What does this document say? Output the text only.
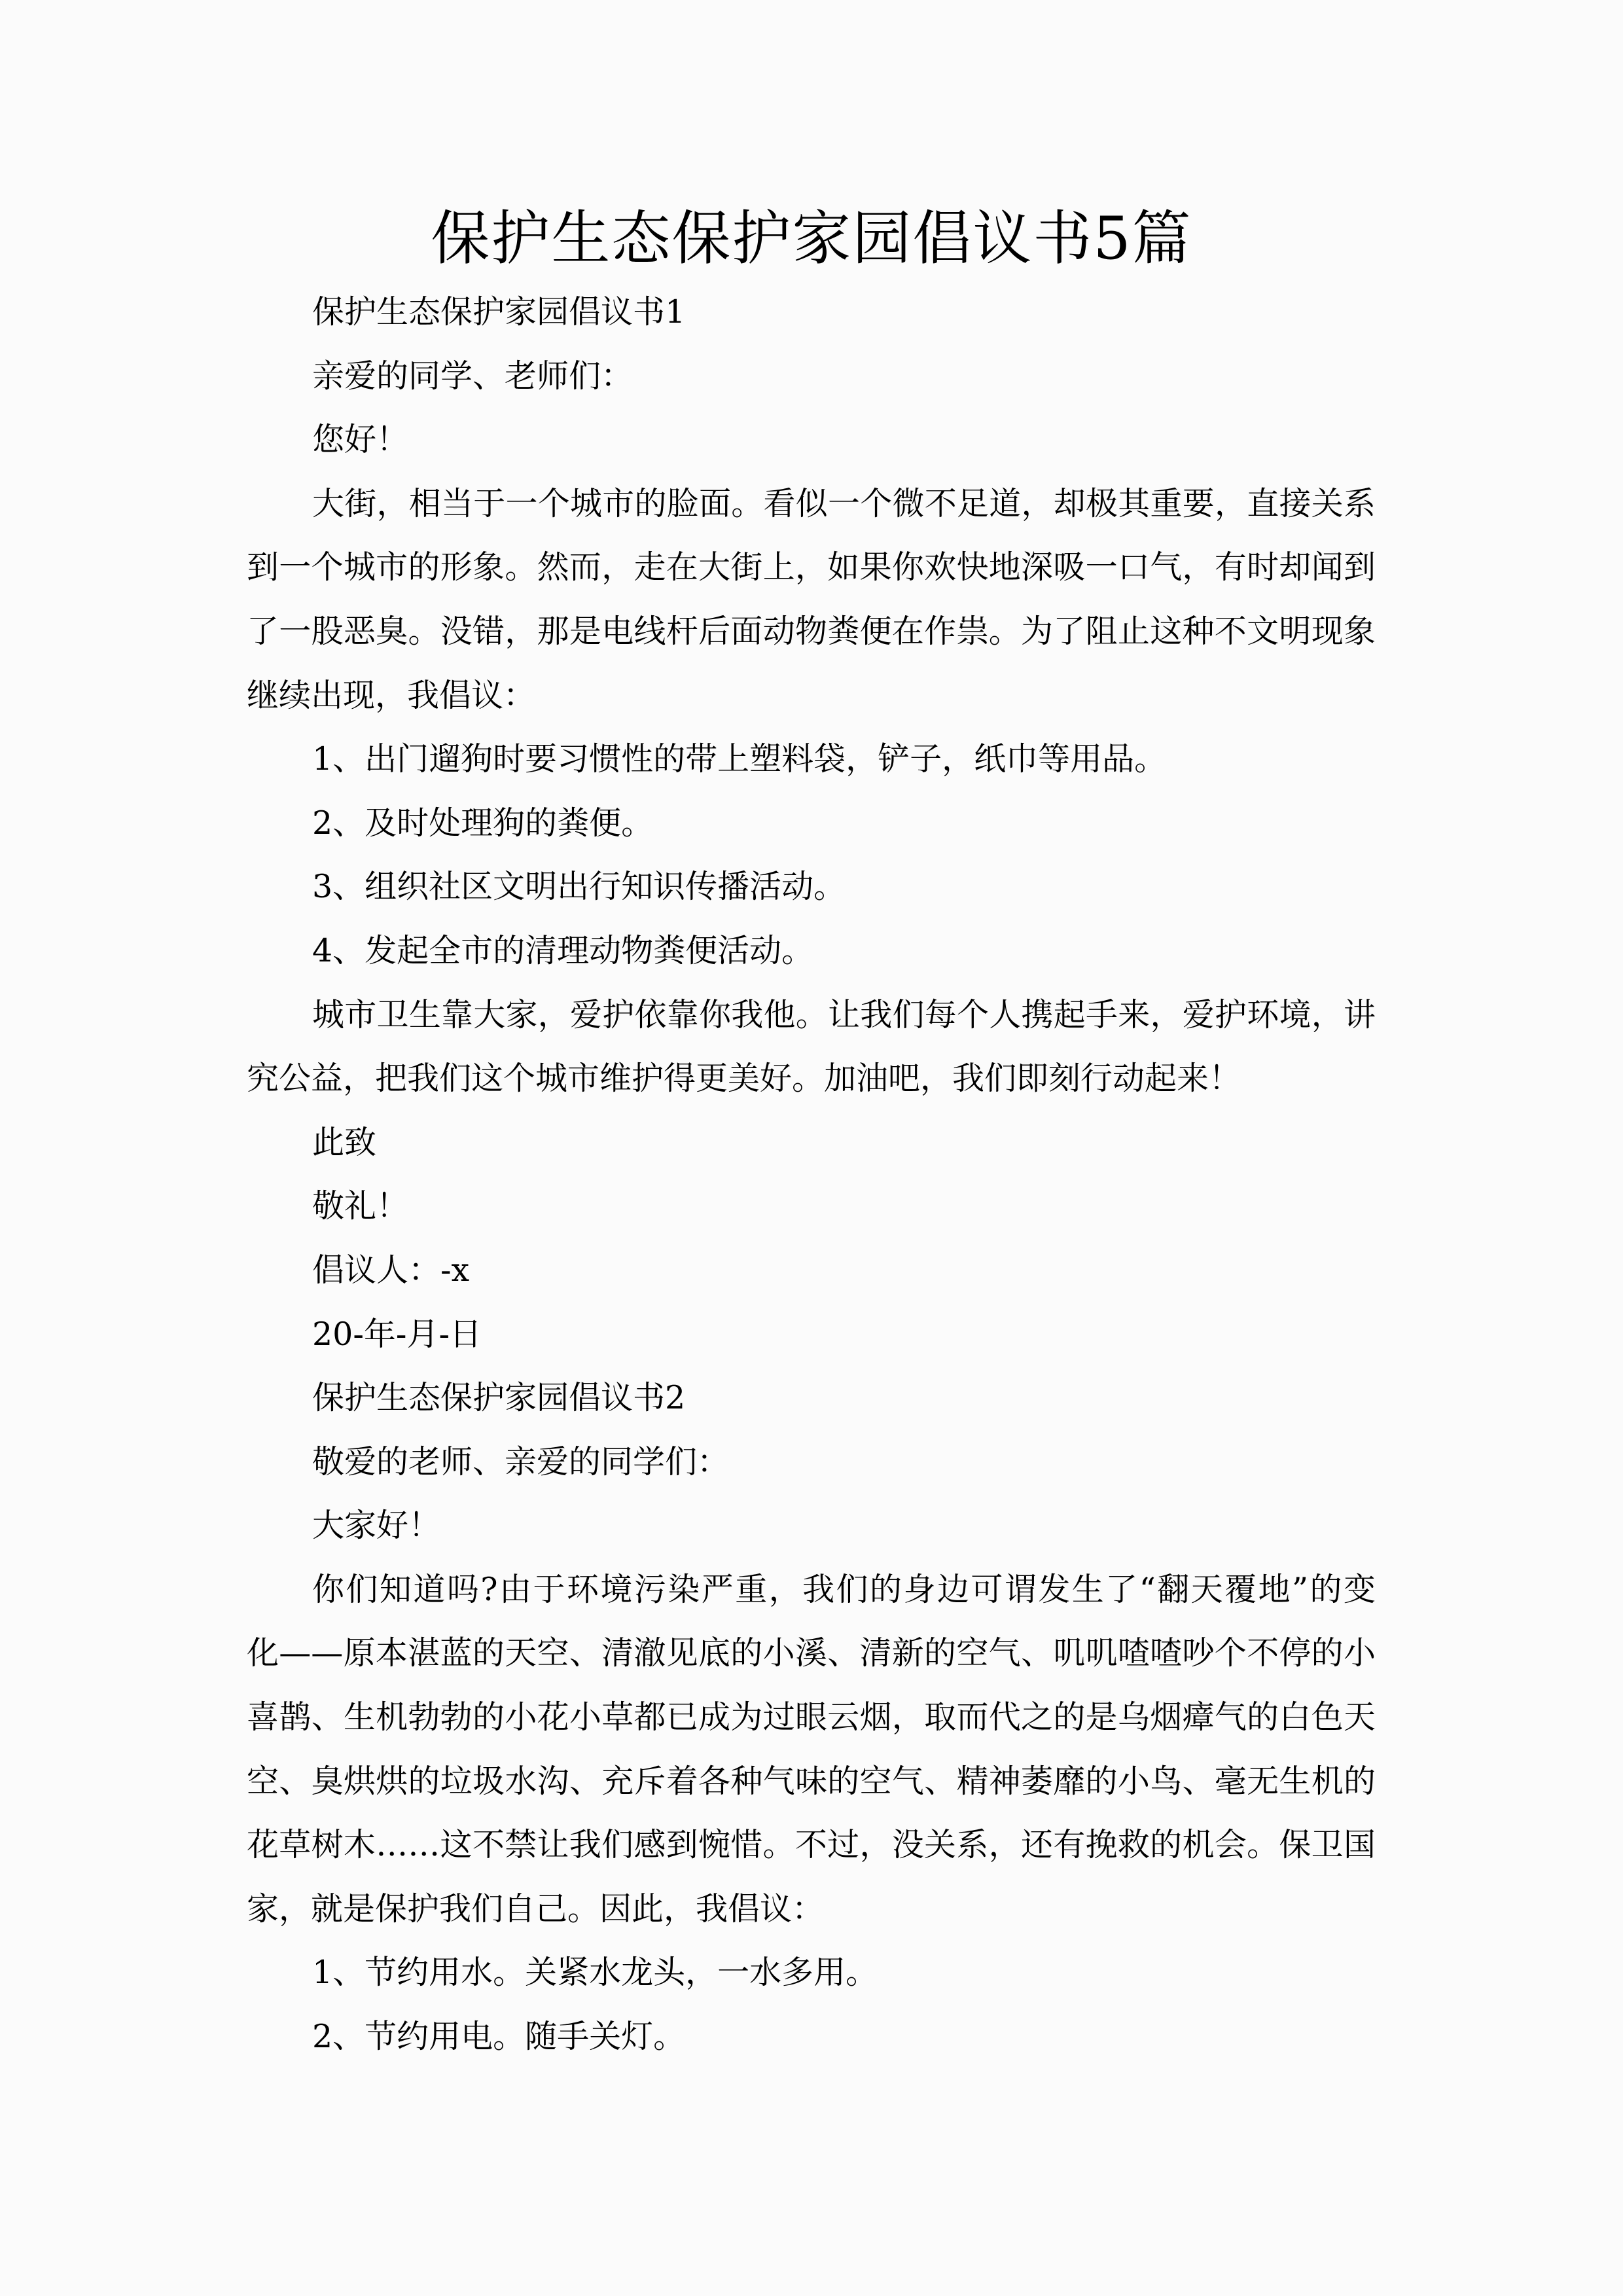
保护生态保护家园倡议书5篇
保护生态保护家园倡议书1
亲爱的同学、老师们：
您好！
大街，相当于一个城市的脸面。看似一个微不足道，却极其重要，直接关系
到一个城市的形象。然而，走在大街上，如果你欢快地深吸一口气，有时却闻到
了一股恶臭。没错，那是电线杆后面动物粪便在作祟。为了阻止这种不文明现象
继续出现，我倡议：
1、出门遛狗时要习惯性的带上塑料袋，铲子，纸巾等用品。
2、及时处理狗的粪便。
3、组织社区文明出行知识传播活动。
4、发起全市的清理动物粪便活动。
城市卫生靠大家，爱护依靠你我他。让我们每个人携起手来，爱护环境，讲
究公益，把我们这个城市维护得更美好。加油吧，我们即刻行动起来！
此致
敬礼！
倡议人：-x
20-年-月-日
保护生态保护家园倡议书2
敬爱的老师、亲爱的同学们：
大家好！
你们知道吗?由于环境污染严重，我们的身边可谓发生了“翻天覆地”的变
化——原本湛蓝的天空、清澈见底的小溪、清新的空气、叽叽喳喳吵个不停的小
喜鹊、生机勃勃的小花小草都已成为过眼云烟，取而代之的是乌烟瘴气的白色天
空、臭烘烘的垃圾水沟、充斥着各种气味的空气、精神萎靡的小鸟、毫无生机的
花草树木……这不禁让我们感到惋惜。不过，没关系，还有挽救的机会。保卫国
家，就是保护我们自己。因此，我倡议：
1、节约用水。关紧水龙头，一水多用。
2、节约用电。随手关灯。
